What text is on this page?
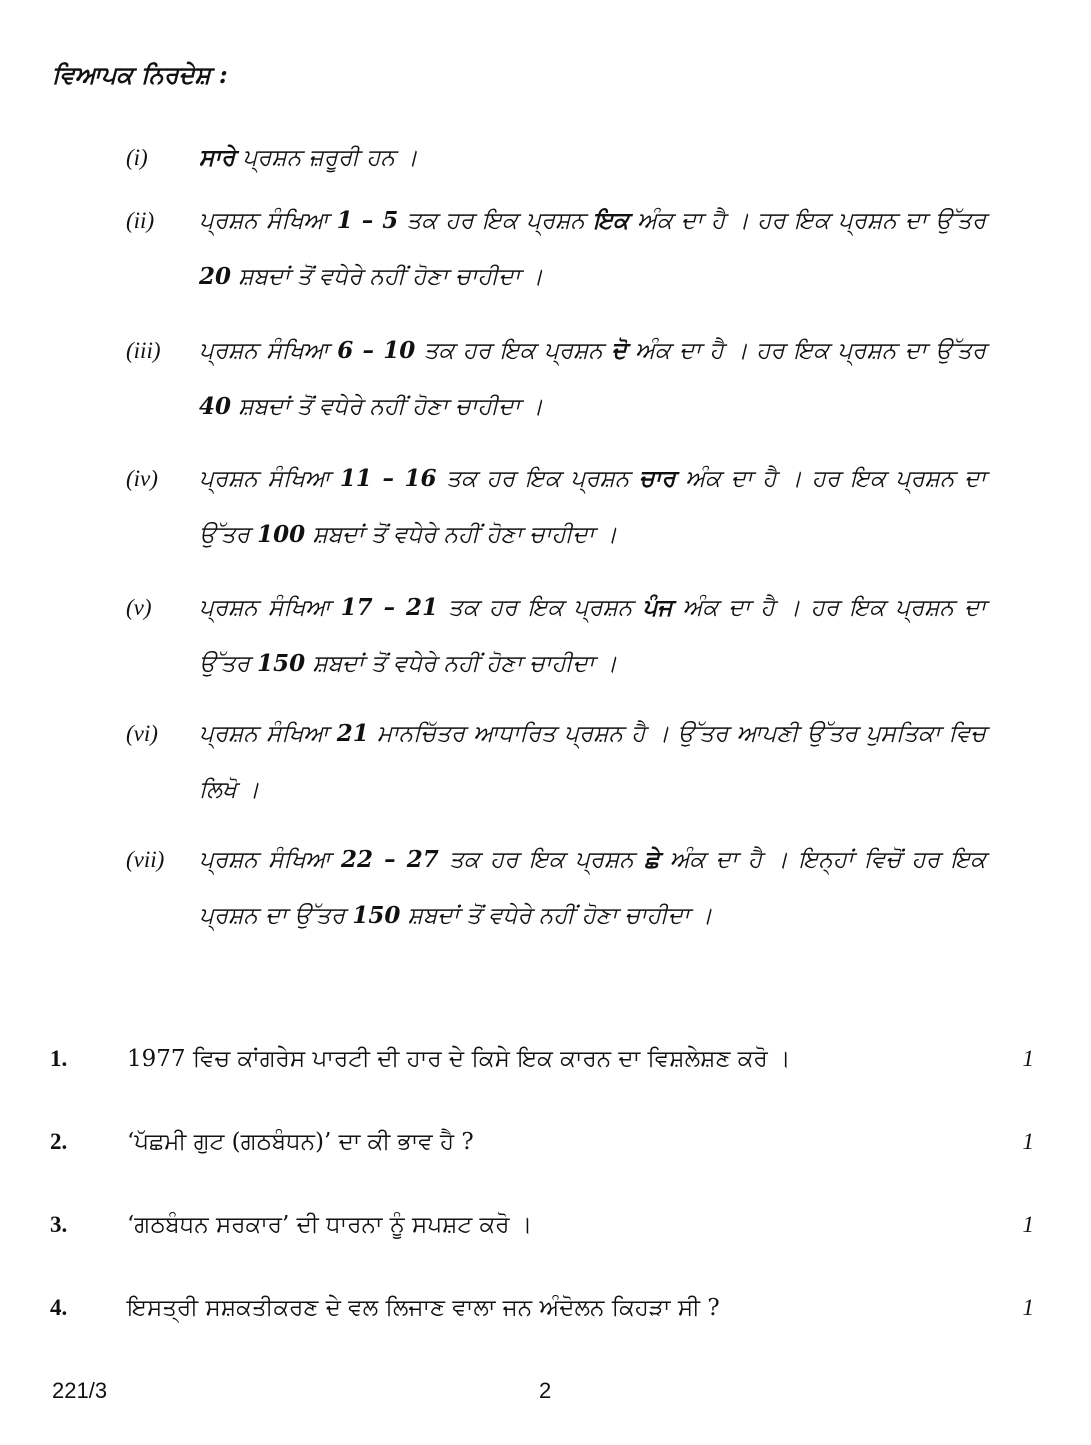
ਵਿਆਪਕ ਨਿਰਦੇਸ਼ :
(i)	ਸਾਰੇ ਪ੍ਰਸ਼ਨ ਜ਼ਰੂਰੀ ਹਨ ।
(ii)	ਪ੍ਰਸ਼ਨ ਸੰਖਿਆ 1 – 5 ਤਕ ਹਰ ਇਕ ਪ੍ਰਸ਼ਨ ਇਕ ਅੰਕ ਦਾ ਹੈ । ਹਰ ਇਕ ਪ੍ਰਸ਼ਨ ਦਾ ਉੱਤਰ 20 ਸ਼ਬਦਾਂ ਤੋਂ ਵਧੇਰੇ ਨਹੀਂ ਹੋਣਾ ਚਾਹੀਦਾ ।
(iii)	ਪ੍ਰਸ਼ਨ ਸੰਖਿਆ 6 – 10 ਤਕ ਹਰ ਇਕ ਪ੍ਰਸ਼ਨ ਦੋ ਅੰਕ ਦਾ ਹੈ । ਹਰ ਇਕ ਪ੍ਰਸ਼ਨ ਦਾ ਉੱਤਰ 40 ਸ਼ਬਦਾਂ ਤੋਂ ਵਧੇਰੇ ਨਹੀਂ ਹੋਣਾ ਚਾਹੀਦਾ ।
(iv)	ਪ੍ਰਸ਼ਨ ਸੰਖਿਆ 11 – 16 ਤਕ ਹਰ ਇਕ ਪ੍ਰਸ਼ਨ ਚਾਰ ਅੰਕ ਦਾ ਹੈ । ਹਰ ਇਕ ਪ੍ਰਸ਼ਨ ਦਾ ਉੱਤਰ 100 ਸ਼ਬਦਾਂ ਤੋਂ ਵਧੇਰੇ ਨਹੀਂ ਹੋਣਾ ਚਾਹੀਦਾ ।
(v)	ਪ੍ਰਸ਼ਨ ਸੰਖਿਆ 17 – 21 ਤਕ ਹਰ ਇਕ ਪ੍ਰਸ਼ਨ ਪੰਜ ਅੰਕ ਦਾ ਹੈ । ਹਰ ਇਕ ਪ੍ਰਸ਼ਨ ਦਾ ਉੱਤਰ 150 ਸ਼ਬਦਾਂ ਤੋਂ ਵਧੇਰੇ ਨਹੀਂ ਹੋਣਾ ਚਾਹੀਦਾ ।
(vi)	ਪ੍ਰਸ਼ਨ ਸੰਖਿਆ 21 ਮਾਨਚਿੱਤਰ ਆਧਾਰਿਤ ਪ੍ਰਸ਼ਨ ਹੈ । ਉੱਤਰ ਆਪਣੀ ਉੱਤਰ ਪੁਸਤਿਕਾ ਵਿਚ ਲਿਖੋ ।
(vii)	ਪ੍ਰਸ਼ਨ ਸੰਖਿਆ 22 – 27 ਤਕ ਹਰ ਇਕ ਪ੍ਰਸ਼ਨ ਛੇ ਅੰਕ ਦਾ ਹੈ । ਇਨ੍ਹਾਂ ਵਿਚੋਂ ਹਰ ਇਕ ਪ੍ਰਸ਼ਨ ਦਾ ਉੱਤਰ 150 ਸ਼ਬਦਾਂ ਤੋਂ ਵਧੇਰੇ ਨਹੀਂ ਹੋਣਾ ਚਾਹੀਦਾ ।
1.	1977 ਵਿਚ ਕਾਂਗਰੇਸ ਪਾਰਟੀ ਦੀ ਹਾਰ ਦੇ ਕਿਸੇ ਇਕ ਕਾਰਨ ਦਾ ਵਿਸ਼ਲੇਸ਼ਣ ਕਰੋ ।	1
2.	‘ਪੱਛਮੀ ਗੁਟ (ਗਠਬੰਧਨ)’ ਦਾ ਕੀ ਭਾਵ ਹੈ ?	1
3.	‘ਗਠਬੰਧਨ ਸਰਕਾਰ’ ਦੀ ਧਾਰਨਾ ਨੂੰ ਸਪਸ਼ਟ ਕਰੋ ।	1
4.	ਇਸਤ੍ਰੀ ਸਸ਼ਕਤੀਕਰਣ ਦੇ ਵਲ ਲਿਜਾਣ ਵਾਲਾ ਜਨ ਅੰਦੋਲਨ ਕਿਹੜਾ ਸੀ ?	1
221/3	2
